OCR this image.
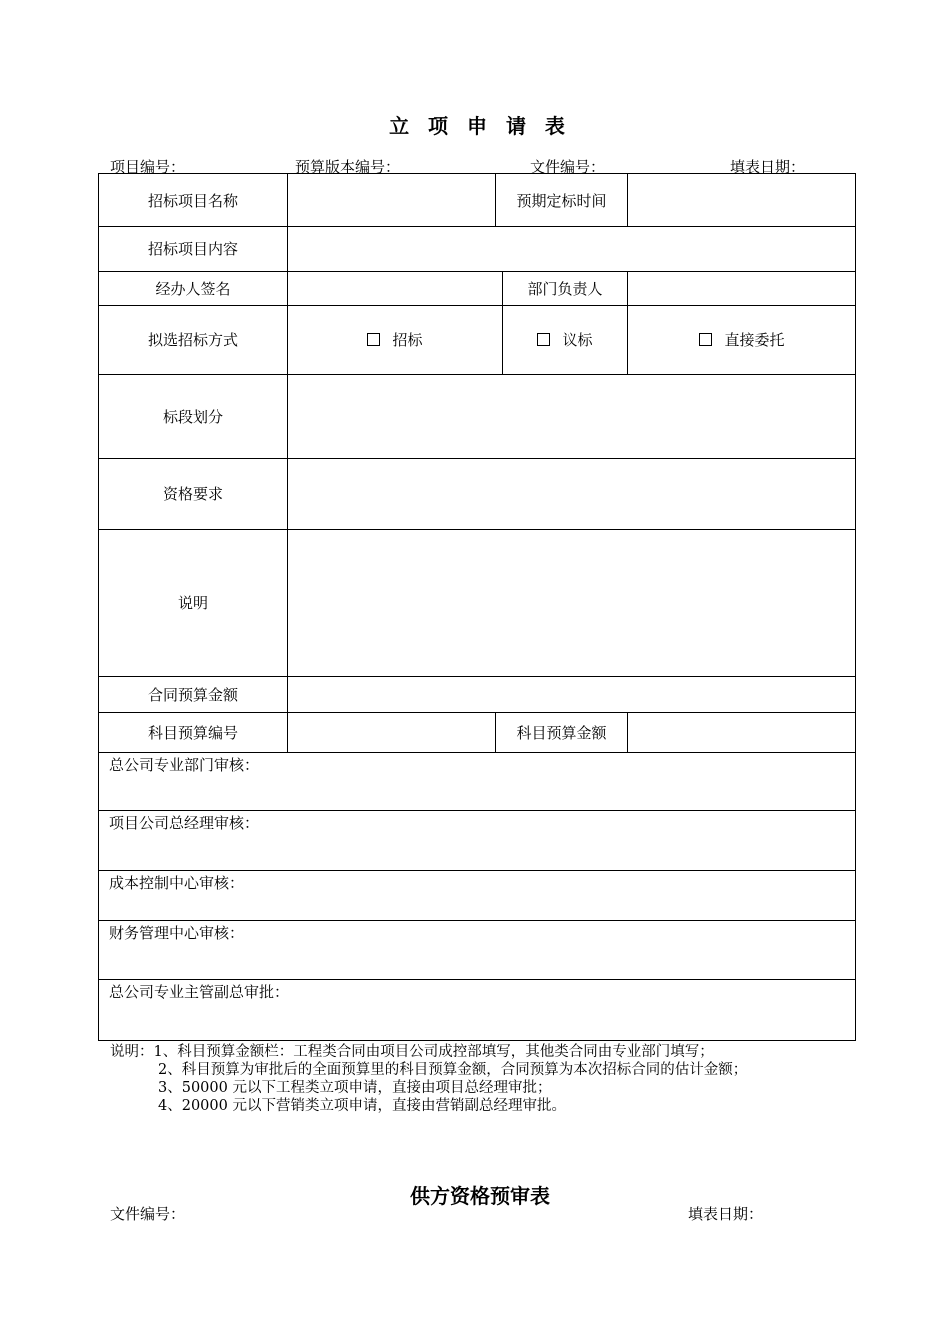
立 项 申 请 表
项目编号：	预算版本编号：	文件编号：	填表日期：
招标项目名称	预期定标时间
招标项目内容
经办人签名	部门负责人
拟选招标方式	招标	议标	直接委托
标段划分
资格要求
说明
合同预算金额
科目预算编号	科目预算金额
总公司专业部门审核：
项目公司总经理审核：
成本控制中心审核：
财务管理中心审核：
总公司专业主管副总审批：
说明：1、科目预算金额栏：工程类合同由项目公司成控部填写，其他类合同由专业部门填写；
2、科目预算为审批后的全面预算里的科目预算金额，合同预算为本次招标合同的估计金额；
3、50000 元以下工程类立项申请，直接由项目总经理审批；
4、20000 元以下营销类立项申请，直接由营销副总经理审批。
供方资格预审表
文件编号：	填表日期：
